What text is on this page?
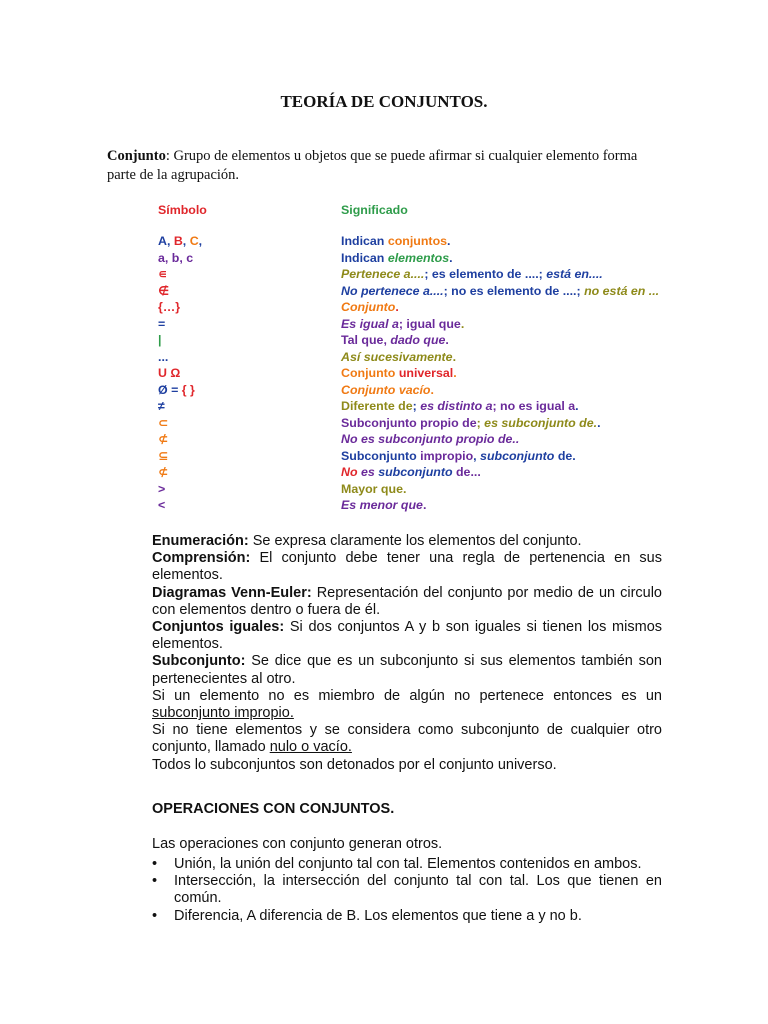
TEORÍA DE CONJUNTOS.
Conjunto: Grupo de elementos u objetos que se puede afirmar si cualquier elemento forma parte de la agrupación.
Símbolo	Significado
A, B, C,	Indican conjuntos.
a, b, c	Indican elementos.
∊	Pertenece a....; es elemento de ....; está en....
∉	No pertenece a....; no es elemento de ....; no está en ...
{…}	Conjunto.
=	Es igual a; igual que.
|	Tal que, dado que.
...	Así sucesivamente.
U Ω	Conjunto universal.
Ø = { }	Conjunto vacío.
≠	Diferente de; es distinto a; no es igual a.
⊂	Subconjunto propio de; es subconjunto de..
⊄	No es subconjunto propio de..
⊆	Subconjunto impropio, subconjunto de.
⊄	No es subconjunto de...
>	Mayor que.
<	Es menor que.

Enumeración: Se expresa claramente los elementos del conjunto.

Comprensión: El conjunto debe tener una regla de pertenencia en sus elementos.

Diagramas Venn-Euler: Representación del conjunto por medio de un circulo con elementos dentro o fuera de él.

Conjuntos iguales: Si dos conjuntos A y b son iguales si tienen los mismos elementos.

Subconjunto: Se dice que es un subconjunto si sus elementos también son pertenecientes al otro.

Si un elemento no es miembro de algún no pertenece entonces es un subconjunto impropio.

Si no tiene elementos y se considera como subconjunto de cualquier otro conjunto, llamado nulo o vacío.

Todos lo subconjuntos son detonados por el conjunto universo.

OPERACIONES CON CONJUNTOS.
Las operaciones con conjunto generan otros.
• Unión, la unión del conjunto tal con tal. Elementos contenidos en ambos.
• Intersección, la intersección del conjunto tal con tal. Los que tienen en común.
• Diferencia, A diferencia de B. Los elementos que tiene a y no b.
